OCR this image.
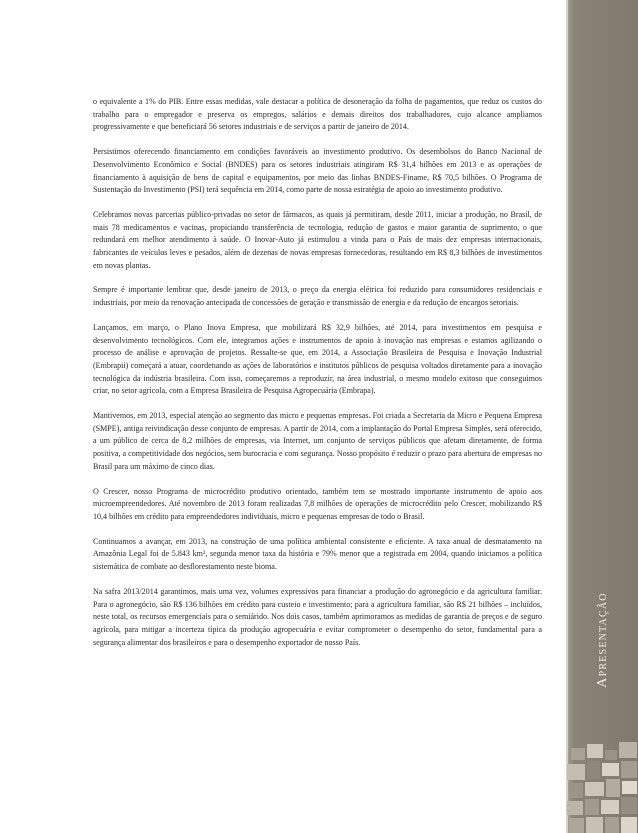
o equivalente a 1% do PIB. Entre essas medidas, vale destacar a política de desoneração da folha de pagamentos, que reduz os custos do trabalho para o empregador e preserva os empregos, salários e demais direitos dos trabalhadores, cujo alcance ampliamos progressivamente e que beneficiará 56 setores industriais e de serviços a partir de janeiro de 2014.

Persistimos oferecendo financiamento em condições favoráveis ao investimento produtivo. Os desembolsos do Banco Nacional de Desenvolvimento Econômico e Social (BNDES) para os setores industriais atingiram R$ 31,4 bilhões em 2013 e as operações de financiamento à aquisição de bens de capital e equipamentos, por meio das linhas BNDES-Finame, R$ 70,5 bilhões. O Programa de Sustentação do Investimento (PSI) terá sequência em 2014, como parte de nossa estratégia de apoio ao investimento produtivo.

Celebramos novas parcerias público-privadas no setor de fármacos, as quais já permitiram, desde 2011, iniciar a produção, no Brasil, de mais 78 medicamentos e vacinas, propiciando transferência de tecnologia, redução de gastos e maior garantia de suprimento, o que redundará em melhor atendimento à saúde. O Inovar-Auto já estimulou a vinda para o País de mais dez empresas internacionais, fabricantes de veículos leves e pesados, além de dezenas de novas empresas fornecedoras, resultando em R$ 8,3 bilhões de investimentos em novas plantas.

Sempre é importante lembrar que, desde janeiro de 2013, o preço da energia elétrica foi reduzido para consumidores residenciais e industriais, por meio da renovação antecipada de concessões de geração e transmissão de energia e da redução de encargos setoriais.

Lançamos, em março, o Plano Inova Empresa, que mobilizará R$ 32,9 bilhões, até 2014, para investimentos em pesquisa e desenvolvimento tecnológicos. Com ele, integramos ações e instrumentos de apoio à inovação nas empresas e estamos agilizando o processo de análise e aprovação de projetos. Ressalte-se que, em 2014, a Associação Brasileira de Pesquisa e Inovação Industrial (Embrapii) começará a atuar, coordenando as ações de laboratórios e institutos públicos de pesquisa voltados diretamente para a inovação tecnológica da indústria brasileira. Com isso, começaremos a reproduzir, na área industrial, o mesmo modelo exitoso que conseguimos criar, no setor agrícola, com a Empresa Brasileira de Pesquisa Agropecuária (Embrapa).

Mantivemos, em 2013, especial atenção ao segmento das micro e pequenas empresas. Foi criada a Secretaria da Micro e Pequena Empresa (SMPE), antiga reivindicação desse conjunto de empresas. A partir de 2014, com a implantação do Portal Empresa Simples, será oferecido, a um público de cerca de 8,2 milhões de empresas, via Internet, um conjunto de serviços públicos que afetam diretamente, de forma positiva, a competitividade dos negócios, sem burocracia e com segurança. Nosso propósito é reduzir o prazo para abertura de empresas no Brasil para um máximo de cinco dias.

O Crescer, nosso Programa de microcrédito produtivo orientado, também tem se mostrado importante instrumento de apoio aos microempreendedores. Até novembro de 2013 foram realizadas 7,8 milhões de operações de microcrédito pelo Crescer, mobilizando R$ 10,4 bilhões em crédito para empreendedores individuais, micro e pequenas empresas de todo o Brasil.

Continuamos a avançar, em 2013, na construção de uma política ambiental consistente e eficiente. A taxa anual de desmatamento na Amazônia Legal foi de 5.843 km², segunda menor taxa da história e 79% menor que a registrada em 2004, quando iniciamos a política sistemática de combate ao desflorestamento neste bioma.

Na safra 2013/2014 garantimos, mais uma vez, volumes expressivos para financiar a produção do agronegócio e da agricultura familiar. Para o agronegócio, são R$ 136 bilhões em crédito para custeio e investimento; para a agricultura familiar, são R$ 21 bilhões – incluídos, neste total, os recursos emergenciais para o semiárido. Nos dois casos, também aprimoramos as medidas de garantia de preços e de seguro agrícola, para mitigar a incerteza típica da produção agropecuária e evitar comprometer o desempenho do setor, fundamental para a segurança alimentar dos brasileiros e para o desempenho exportador de nosso País.	Apresentação
